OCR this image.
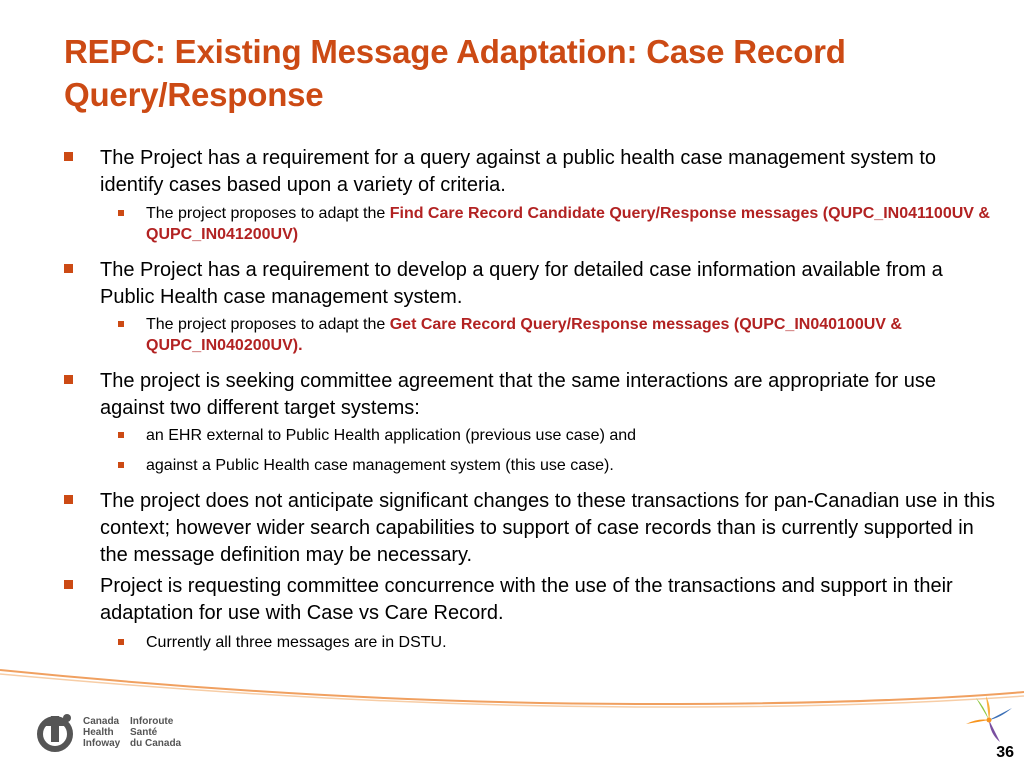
REPC: Existing Message Adaptation: Case Record Query/Response
The Project has a requirement for a query against a public health case management system to identify cases based upon a variety of criteria.
The project proposes to adapt the Find Care Record Candidate Query/Response messages (QUPC_IN041100UV & QUPC_IN041200UV)
The Project has a requirement to develop a query for detailed case information available from a Public Health case management system.
The project proposes to adapt the Get Care Record Query/Response messages (QUPC_IN040100UV & QUPC_IN040200UV).
The project is seeking committee agreement that the same interactions are appropriate for use against two different target systems:
an EHR external to Public Health application (previous use case) and
against a Public Health case management system (this use case).
The project does not anticipate significant changes to these transactions for pan-Canadian use in this context; however wider search capabilities to support of case records than is currently supported in the message definition may be necessary.
Project is requesting committee concurrence with the use of the transactions and support in their adaptation for use with Case vs Care Record.
Currently all three messages are in DSTU.
Canada
Health
Infoway
Inforoute
Santé
du Canada
36
